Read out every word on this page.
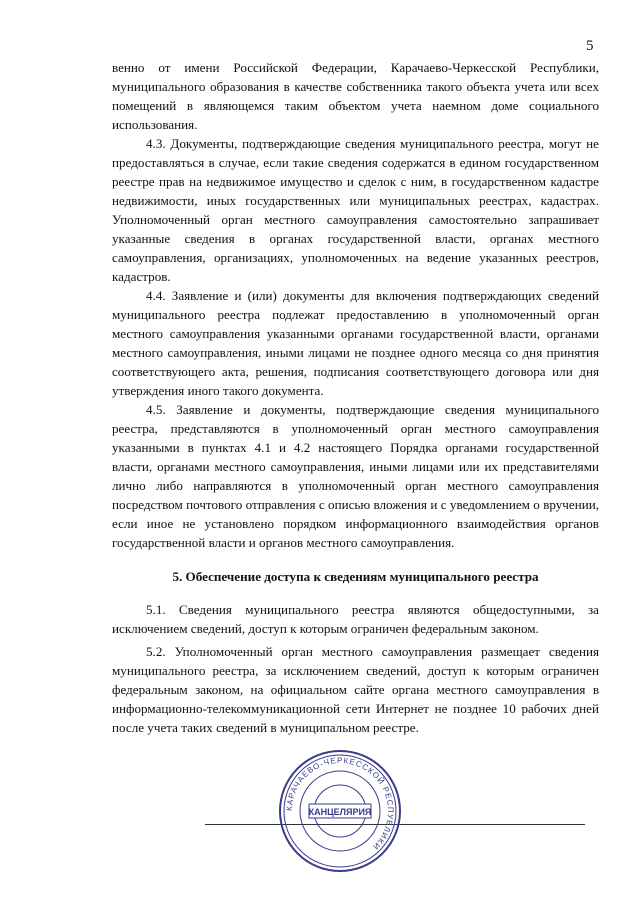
5

венно от имени Российской Федерации, Карачаево-Черкесской Республики, муниципального образования в качестве собственника такого объекта учета или всех помещений в являющемся таким объектом учета наемном доме социального использования.

4.3. Документы, подтверждающие сведения муниципального реестра, могут не предоставляться в случае, если такие сведения содержатся в едином государственном реестре прав на недвижимое имущество и сделок с ним, в государственном кадастре недвижимости, иных государственных или муниципальных реестрах, кадастрах. Уполномоченный орган местного самоуправления самостоятельно запрашивает указанные сведения в органах государственной власти, органах местного самоуправления, организациях, уполномоченных на ведение указанных реестров, кадастров.

4.4. Заявление и (или) документы для включения подтверждающих сведений муниципального реестра подлежат предоставлению в уполномоченный орган местного самоуправления указанными органами государственной власти, органами местного самоуправления, иными лицами не позднее одного месяца со дня принятия соответствующего акта, решения, подписания соответствующего договора или дня утверждения иного такого документа.

4.5. Заявление и документы, подтверждающие сведения муниципального реестра, представляются в уполномоченный орган местного самоуправления указанными в пунктах 4.1 и 4.2 настоящего Порядка органами государственной власти, органами местного самоуправления, иными лицами или их представителями лично либо направляются в уполномоченный орган местного самоуправления посредством почтового отправления с описью вложения и с уведомлением о вручении, если иное не установлено порядком информационного взаимодействия органов государственной власти и органов местного самоуправления.

5. Обеспечение доступа к сведениям муниципального реестра

5.1. Сведения муниципального реестра являются общедоступными, за исключением сведений, доступ к которым ограничен федеральным законом.

5.2. Уполномоченный орган местного самоуправления размещает сведения муниципального реестра, за исключением сведений, доступ к которым ограничен федеральным законом, на официальном сайте органа местного самоуправления в информационно-телекоммуникационной сети Интернет не позднее 10 рабочих дней после учета таких сведений в муниципальном реестре.

КАРАЧАЕВО-ЧЕРКЕССКОЙ РЕСПУБЛИКИ
КАНЦЕЛЯРИЯ
